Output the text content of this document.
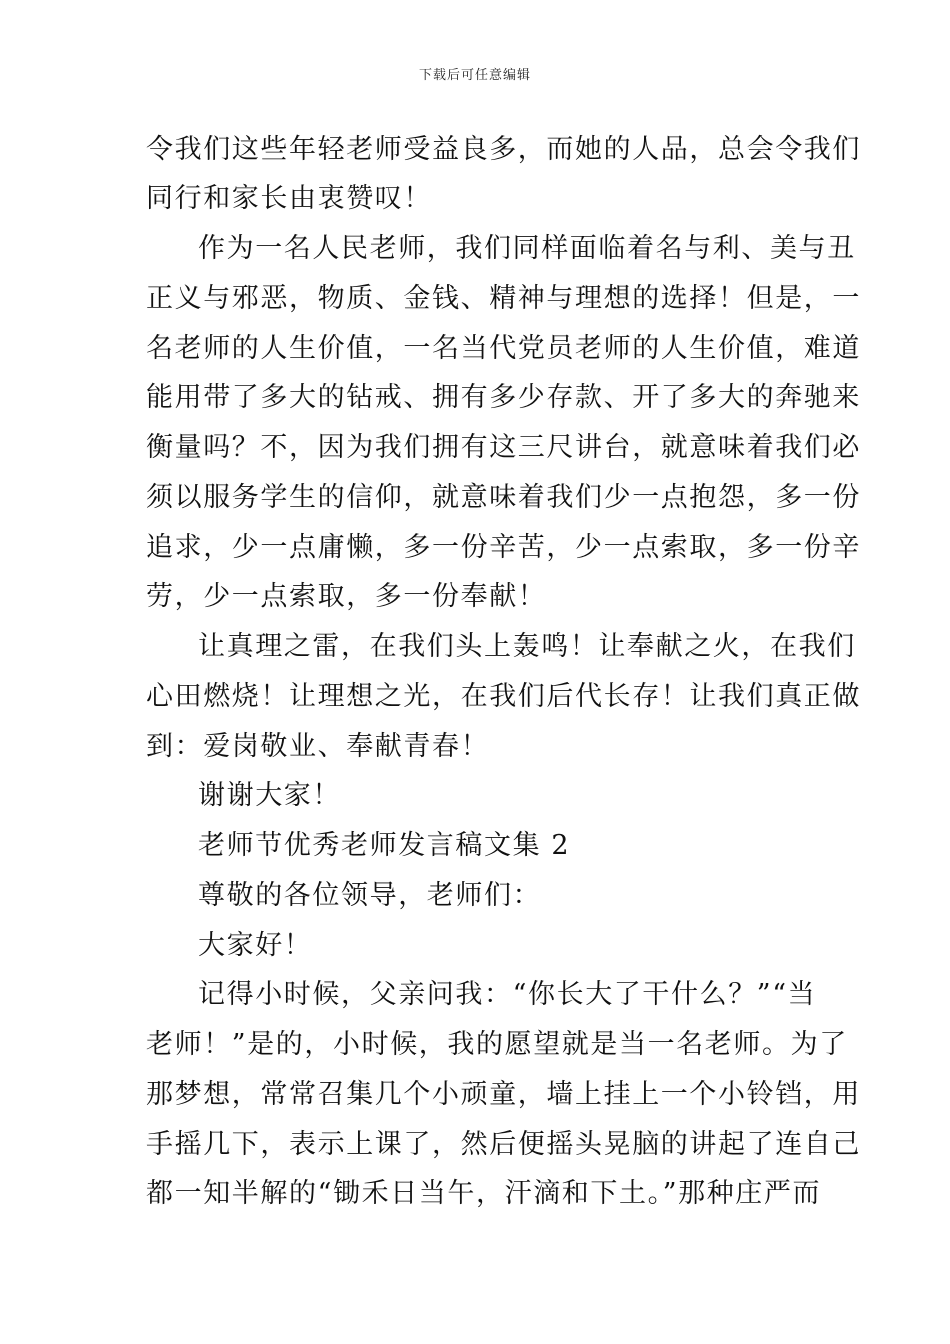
下载后可任意编辑
令我们这些年轻老师受益良多，而她的人品，总会令我们
同行和家长由衷赞叹！
作为一名人民老师，我们同样面临着名与利、美与丑
正义与邪恶，物质、金钱、精神与理想的选择！但是，一
名老师的人生价值，一名当代党员老师的人生价值，难道
能用带了多大的钻戒、拥有多少存款、开了多大的奔驰来
衡量吗？不，因为我们拥有这三尺讲台，就意味着我们必
须以服务学生的信仰，就意味着我们少一点抱怨，多一份
追求，少一点庸懒，多一份辛苦，少一点索取，多一份辛
劳，少一点索取，多一份奉献！
让真理之雷，在我们头上轰鸣！让奉献之火，在我们
心田燃烧！让理想之光，在我们后代长存！让我们真正做
到：爱岗敬业、奉献青春！
谢谢大家！
老师节优秀老师发言稿文集 2
尊敬的各位领导，老师们：
大家好！
记得小时候，父亲问我：“你长大了干什么？”“当
老师！”是的，小时候，我的愿望就是当一名老师。为了
那梦想，常常召集几个小顽童，墙上挂上一个小铃铛，用
手摇几下，表示上课了，然后便摇头晃脑的讲起了连自己
都一知半解的“锄禾日当午，汗滴和下土。”那种庄严而
